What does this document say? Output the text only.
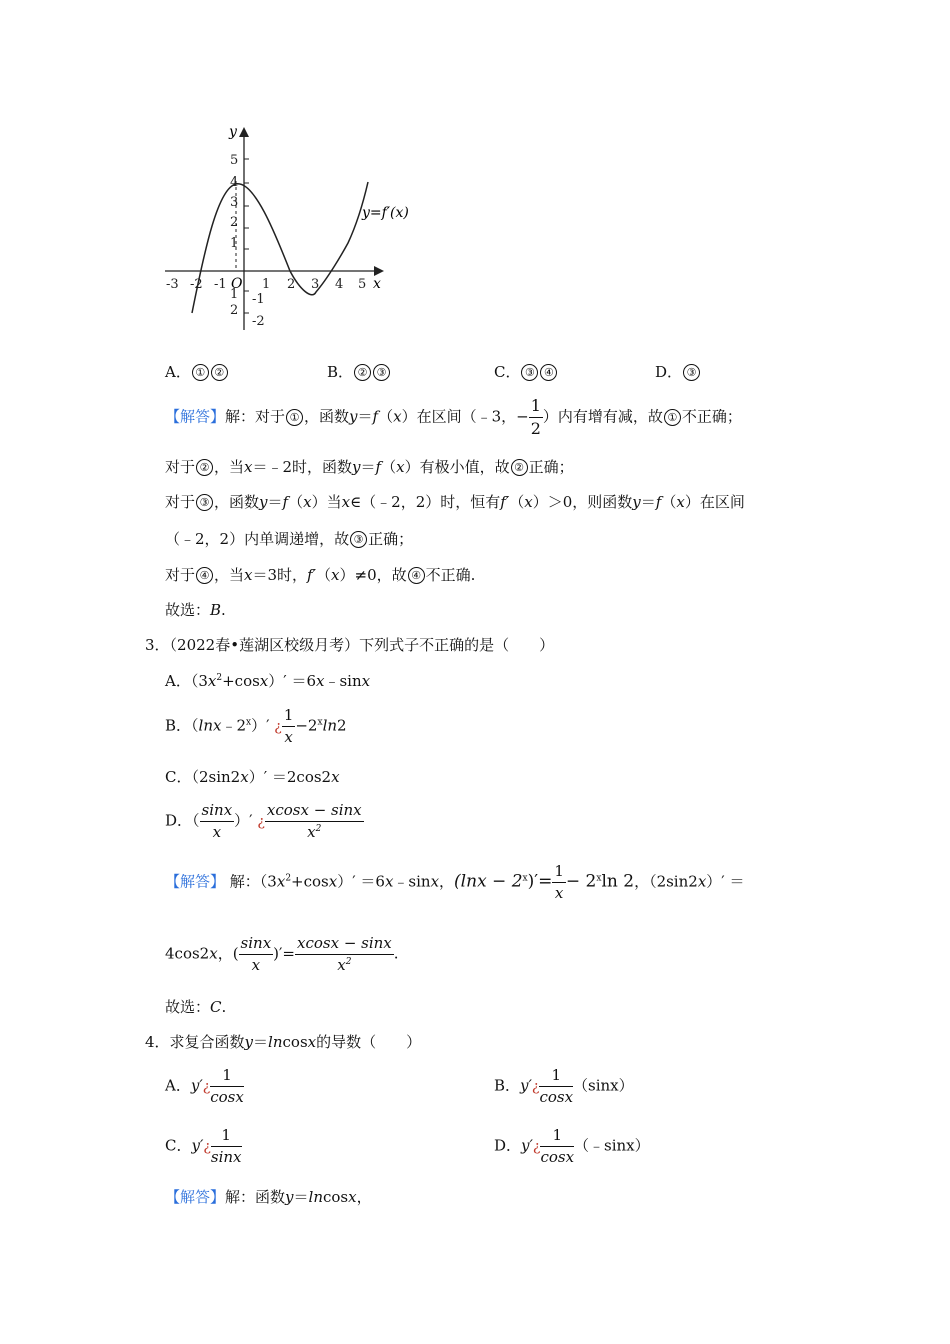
y
x
O
y=f′(x)
5
4
3
2
1
-1
-2
-3 -2 -1	1 2 3 4 5
1
2
A． ① ②	B． ② ③	C． ③ ④	D． ③
【解答】解：对于 ① ，函数y＝f（x）在区间（﹣3，− $\frac{1}{2}$ ）内有增有减，故 ① 不正确；
对于 ② ，当x＝﹣2时，函数y＝f（x）有极小值，故 ② 正确；
对于 ③ ，函数y＝f（x）当x∈（﹣2，2）时，恒有f′（x）＞0，则函数y＝f（x）在区间
（﹣2，2）内单调递增，故 ③ 正确；
对于 ④ ，当x＝3时，f′（x）≠0，故 ④ 不正确.
故选：B.
3．（2022春•莲湖区校级月考）下列式子不正确的是（　　）
A．$(3x^2+\cos x)'$ ＝6x﹣sinx
B．（lnx﹣2$^x$）′ ¿ $\frac{1}{x} -2^x\ln 2$
C．（2sin2x）′ ＝2cos2x
D．（ $\frac{\sin x}{x}$ ）′ ¿ $\frac{xcosx - \sin x}{x^2}$
【解答】 解：$(3x^2+\cos x)'$ ＝6x﹣sinx，$(\ln x - 2^x)'= \frac{1}{x} - 2^x\ln$ 2，（2sin2x）′ ＝
4cos2x，( $\frac{\sin x}{x}$ )′= $\frac{xcosx - \sin x}{x^2}$ .
故选：C.
4．求复合函数y＝lncosx的导数（　　）
A．y′¿ $\frac{1}{\cos x}$	B．y′¿ $\frac{1}{\cos x} (\sin x)$
C．y′¿ $\frac{1}{\sin x}$	D．y′¿ $\frac{1}{\cos x}$ （﹣sinx）
【解答】解：函数y＝lncosx，
